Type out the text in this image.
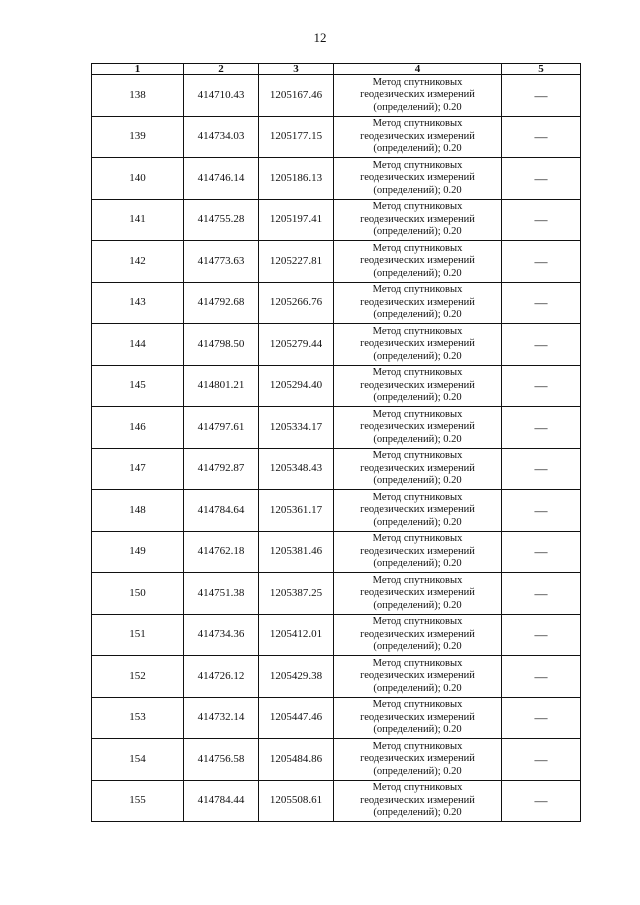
12
1	2	3	4	5
138	414710.43	1205167.46	Метод спутниковых
геодезических измерений
(определений); 0.20	—
139	414734.03	1205177.15	Метод спутниковых
геодезических измерений
(определений); 0.20	—
140	414746.14	1205186.13	Метод спутниковых
геодезических измерений
(определений); 0.20	—
141	414755.28	1205197.41	Метод спутниковых
геодезических измерений
(определений); 0.20	—
142	414773.63	1205227.81	Метод спутниковых
геодезических измерений
(определений); 0.20	—
143	414792.68	1205266.76	Метод спутниковых
геодезических измерений
(определений); 0.20	—
144	414798.50	1205279.44	Метод спутниковых
геодезических измерений
(определений); 0.20	—
145	414801.21	1205294.40	Метод спутниковых
геодезических измерений
(определений); 0.20	—
146	414797.61	1205334.17	Метод спутниковых
геодезических измерений
(определений); 0.20	—
147	414792.87	1205348.43	Метод спутниковых
геодезических измерений
(определений); 0.20	—
148	414784.64	1205361.17	Метод спутниковых
геодезических измерений
(определений); 0.20	—
149	414762.18	1205381.46	Метод спутниковых
геодезических измерений
(определений); 0.20	—
150	414751.38	1205387.25	Метод спутниковых
геодезических измерений
(определений); 0.20	—
151	414734.36	1205412.01	Метод спутниковых
геодезических измерений
(определений); 0.20	—
152	414726.12	1205429.38	Метод спутниковых
геодезических измерений
(определений); 0.20	—
153	414732.14	1205447.46	Метод спутниковых
геодезических измерений
(определений); 0.20	—
154	414756.58	1205484.86	Метод спутниковых
геодезических измерений
(определений); 0.20	—
155	414784.44	1205508.61	Метод спутниковых
геодезических измерений
(определений); 0.20	—
